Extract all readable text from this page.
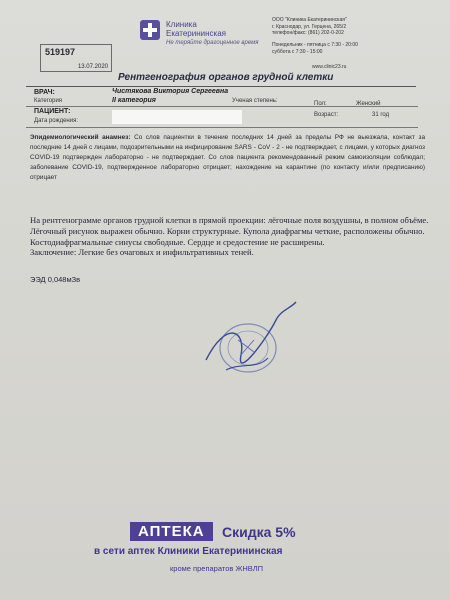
519197
13.07.2020
Клиника Екатерининская
Не теряйте драгоценное время
ООО "Клиника Екатерининская"
г. Краснодар, ул. Герцена, 265/2
телефон/факс: (861) 202-0-202
Понедельник - пятница с 7:30 - 20:00
суббота с 7:30 - 15:00
www.clinic23.ru
Рентгенография органов грудной клетки
ВРАЧ:	Чистякова Виктория Сергеевна
Категория	II категория	Ученая степень:
ПАЦИЕНТ:
Дата рождения:
Пол:	Женский
Возраст:	31 год
Эпидемиологический анамнез: Со слов пациентки в течение последних 14 дней за пределы РФ не выезжала, контакт за последние 14 дней с лицами, подозрительными на инфицирование SARS - CoV - 2 - не подтверждает, с лицами, у которых диагноз COVID-19 подтвержден лабораторно - не подтверждает. Со слов пациента рекомендованный режим самоизоляции соблюдал; заболевание COVID-19, подтвержденное лабораторно отрицает; нахождение на карантине (по контакту и/или предписанию) отрицает
На рентгенограмме органов грудной клетки в прямой проекции: лёгочные поля воздушны, в полном объёме. Лёгочный рисунок выражен обычно. Корни структурные. Купола диафрагмы четкие, расположены обычно. Костодиафрагмальные синусы свободные. Сердце и средостение не расширены.
Заключение: Легкие без очаговых и инфильтративных теней.
ЭЭД 0,048мЗв
АПТЕКА	Скидка 5%
в сети аптек Клиники Екатерининская
кроме препаратов ЖНВЛП
